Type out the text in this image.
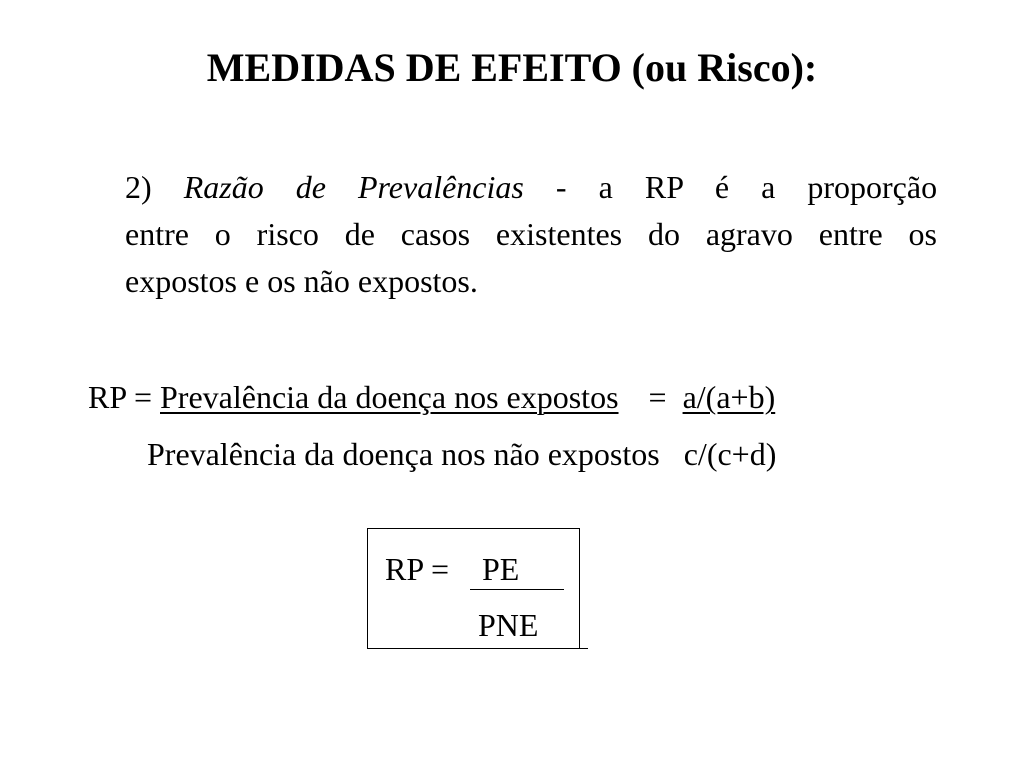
MEDIDAS DE EFEITO (ou Risco):
2) Razão de Prevalências - a RP é a proporção
entre o risco de casos existentes do agravo entre os
expostos e os não expostos.
RP = Prevalência da doença nos expostos = a/(a+b)
Prevalência da doença nos não expostos c/(c+d)
RP = PE
PNE
